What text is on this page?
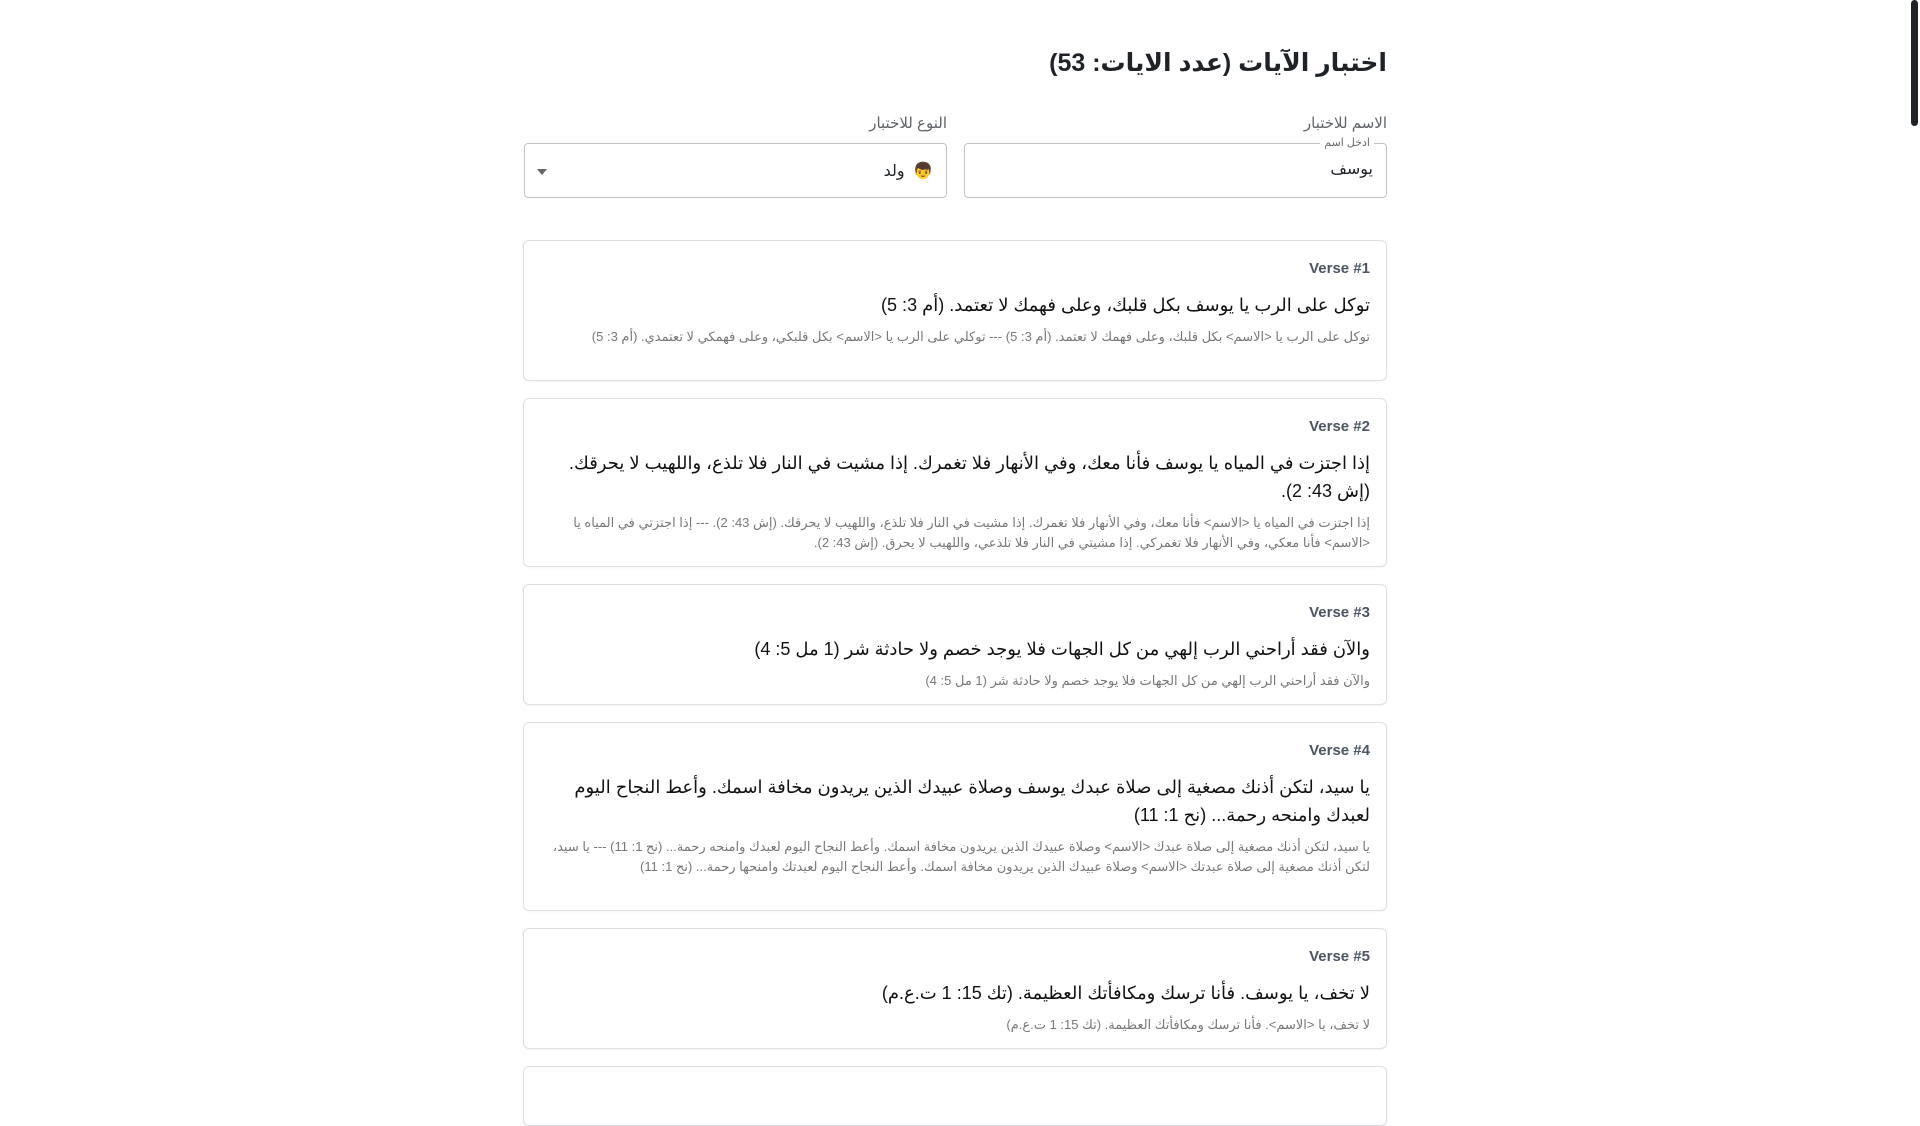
اختبار الآيات (عدد الايات: 53)
الاسم للاختبار
النوع للاختبار
ادخل اسم
يوسف
👦 ولد
Verse #1
توكل على الرب يا يوسف بكل قلبك، وعلى فهمك لا تعتمد. (أم 3: 5)
توكل على الرب يا <الاسم> بكل قلبك، وعلى فهمك لا تعتمد. (أم 3: 5) --- توكلي على الرب يا <الاسم> بكل قلبكي، وعلى فهمكي لا تعتمدي. (أم 3: 5)
Verse #2
إذا اجتزت في المياه يا يوسف فأنا معك، وفي الأنهار فلا تغمرك. إذا مشيت في النار فلا تلذع، واللهيب لا يحرقك. (إش 43: 2).
إذا اجتزت في المياه يا <الاسم> فأنا معك، وفي الأنهار فلا تغمرك. إذا مشيت في النار فلا تلذع، واللهيب لا يحرقك. (إش 43: 2). --- إذا اجتزتي في المياه يا <الاسم> فأنا معكي، وفي الأنهار فلا تغمركي. إذا مشيتي في النار فلا تلذعي، واللهيب لا يحرق. (إش 43: 2).
Verse #3
والآن فقد أراحني الرب إلهي من كل الجهات فلا يوجد خصم ولا حادثة شر (1 مل 5: 4)
والآن فقد أراحني الرب إلهي من كل الجهات فلا يوجد خصم ولا حادثة شر (1 مل 5: 4)
Verse #4
يا سيد، لتكن أذنك مصغية إلى صلاة عبدك يوسف وصلاة عبيدك الذين يريدون مخافة اسمك. وأعط النجاح اليوم لعبدك وامنحه رحمة... (نح 1: 11)
يا سيد، لتكن أذنك مصغية إلى صلاة عبدك <الاسم> وصلاة عبيدك الذين يريدون مخافة اسمك. وأعط النجاح اليوم لعبدك وامنحه رحمة... (نح 1: 11) --- يا سيد، لتكن أذنك مصغية إلى صلاة عبدتك <الاسم> وصلاة عبيدك الذين يريدون مخافة اسمك. وأعط النجاح اليوم لعبدتك وامنحها رحمة... (نح 1: 11)
Verse #5
لا تخف، يا يوسف. فأنا ترسك ومكافأتك العظيمة. (تك 15: 1 ت.ع.م)
لا تخف، يا <الاسم>. فأنا ترسك ومكافأتك العظيمة. (تك 15: 1 ت.ع.م)
